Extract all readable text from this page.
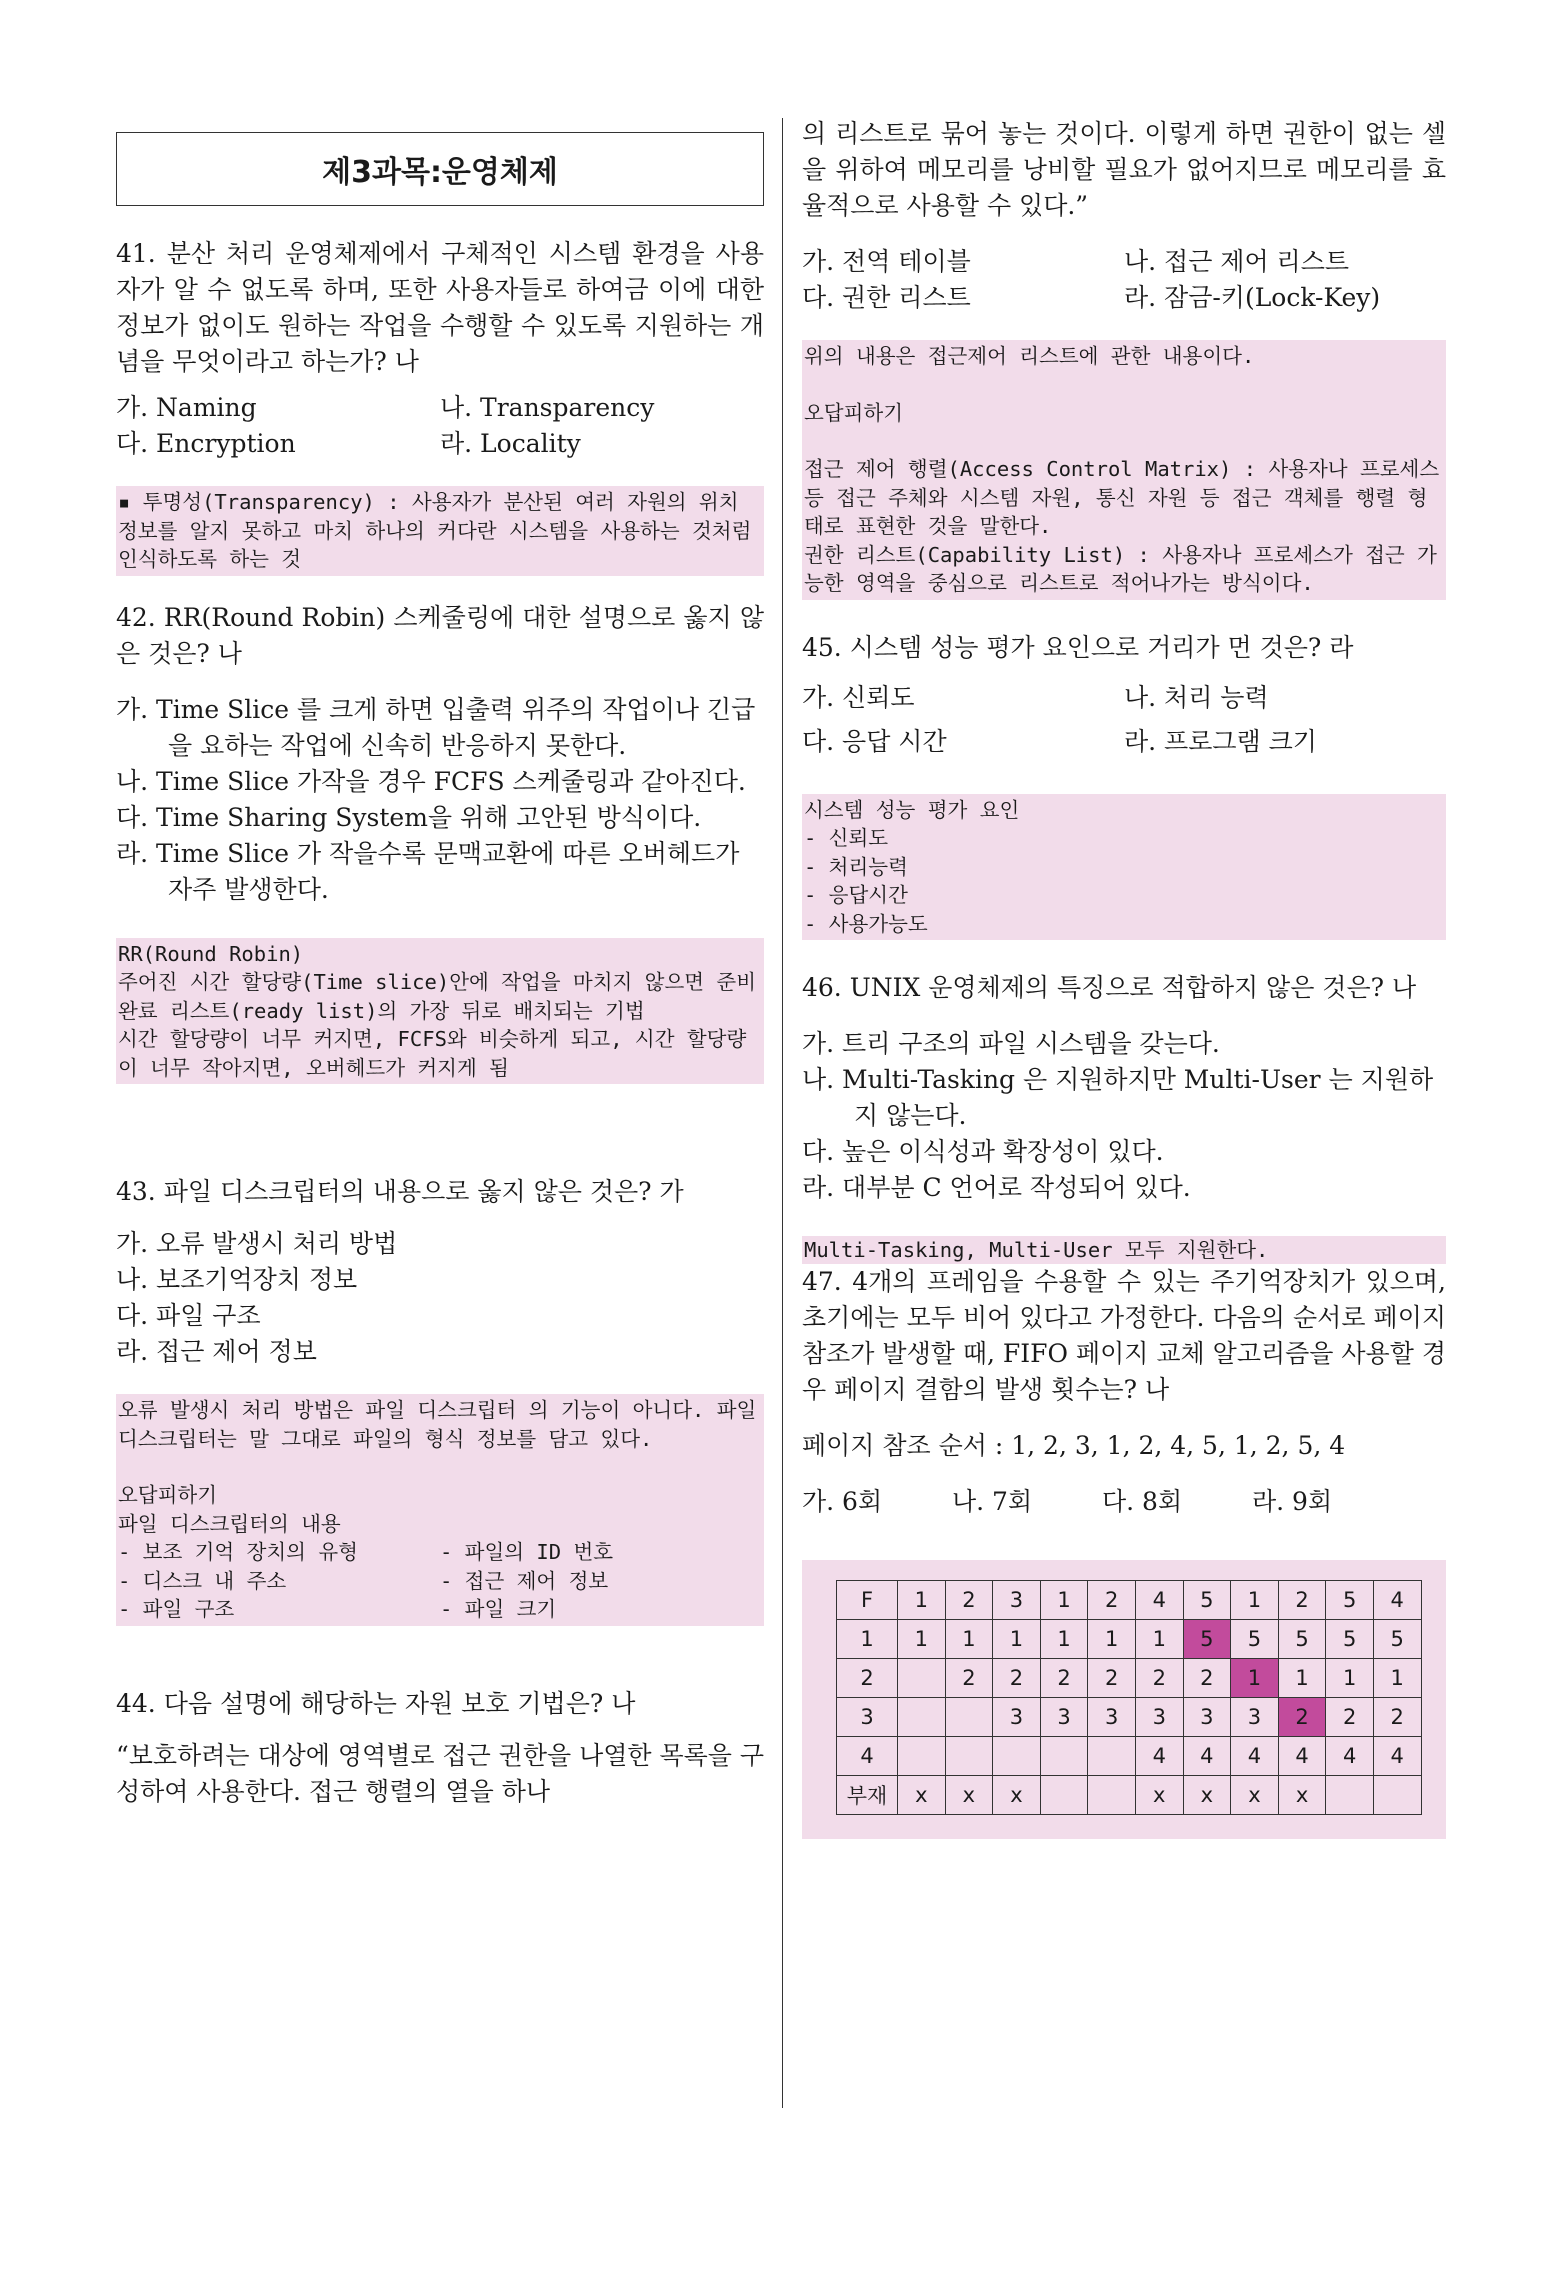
제3과목:운영체제

41. 분산 처리 운영체제에서 구체적인 시스템 환경을 사용자가 알 수 없도록 하며, 또한 사용자들로 하여금 이에 대한 정보가 없이도 원하는 작업을 수행할 수 있도록 지원하는 개념을 무엇이라고 하는가? 나

가. Naming	나. Transparency
다. Encryption	라. Locality

▪ 투명성(Transparency) : 사용자가 분산된 여러 자원의 위치 정보를 알지 못하고 마치 하나의 커다란 시스템을 사용하는 것처럼 인식하도록 하는 것

42. RR(Round Robin) 스케줄링에 대한 설명으로 옳지 않은 것은? 나

가. Time Slice 를 크게 하면 입출력 위주의 작업이나 긴급을 요하는 작업에 신속히 반응하지 못한다.

나. Time Slice 가작을 경우 FCFS 스케줄링과 같아진다.

다. Time Sharing System을 위해 고안된 방식이다.

라. Time Slice 가 작을수록 문맥교환에 따른 오버헤드가 자주 발생한다.

RR(Round Robin)

주어진 시간 할당량(Time slice)안에 작업을 마치지 않으면 준비완료 리스트(ready list)의 가장 뒤로 배치되는 기법

시간 할당량이 너무 커지면, FCFS와 비슷하게 되고, 시간 할당량이 너무 작아지면, 오버헤드가 커지게 됨

43. 파일 디스크립터의 내용으로 옳지 않은 것은? 가

가. 오류 발생시 처리 방법

나. 보조기억장치 정보

다. 파일 구조

라. 접근 제어 정보

오류 발생시 처리 방법은 파일 디스크립터 의 기능이 아니다. 파일 디스크립터는 말 그대로 파일의 형식 정보를 담고 있다.

오답피하기

파일 디스크립터의 내용

- 보조 기억 장치의 유형	- 파일의 ID 번호
- 디스크 내 주소	- 접근 제어 정보
- 파일 구조	- 파일 크기

44. 다음 설명에 해당하는 자원 보호 기법은? 나

“보호하려는 대상에 영역별로 접근 권한을 나열한 목록을 구성하여 사용한다. 접근 행렬의 열을 하나

의 리스트로 묶어 놓는 것이다. 이렇게 하면 권한이 없는 셀을 위하여 메모리를 낭비할 필요가 없어지므로 메모리를 효율적으로 사용할 수 있다.”

가. 전역 테이블	나. 접근 제어 리스트
다. 권한 리스트	라. 잠금-키(Lock-Key)

위의 내용은 접근제어 리스트에 관한 내용이다.

오답피하기

접근 제어 행렬(Access Control Matrix) : 사용자나 프로세스 등 접근 주체와 시스템 자원, 통신 자원 등 접근 객체를 행렬 형태로 표현한 것을 말한다.

권한 리스트(Capability List) : 사용자나 프로세스가 접근 가능한 영역을 중심으로 리스트로 적어나가는 방식이다.

45. 시스템 성능 평가 요인으로 거리가 먼 것은? 라

가. 신뢰도	나. 처리 능력
다. 응답 시간	라. 프로그램 크기

시스템 성능 평가 요인

- 신뢰도

- 처리능력

- 응답시간

- 사용가능도

46. UNIX 운영체제의 특징으로 적합하지 않은 것은? 나

가. 트리 구조의 파일 시스템을 갖는다.

나. Multi-Tasking 은 지원하지만 Multi-User 는 지원하지 않는다.

다. 높은 이식성과 확장성이 있다.

라. 대부분 C 언어로 작성되어 있다.

Multi-Tasking, Multi-User 모두 지원한다.

47. 4개의 프레임을 수용할 수 있는 주기억장치가 있으며, 초기에는 모두 비어 있다고 가정한다. 다음의 순서로 페이지 참조가 발생할 때, FIFO 페이지 교체 알고리즘을 사용할 경우 페이지 결함의 발생 횟수는? 나

페이지 참조 순서 : 1, 2, 3, 1, 2, 4, 5, 1, 2, 5, 4

가. 6회	나. 7회	다. 8회	라. 9회
F	1	2	3	1	2	4	5	1	2	5	4
1	1	1	1	1	1	1	5	5	5	5	5
2		2	2	2	2	2	2	1	1	1	1
3			3	3	3	3	3	3	2	2	2
4						4	4	4	4	4	4
부재	x	x	x			x	x	x	x		
